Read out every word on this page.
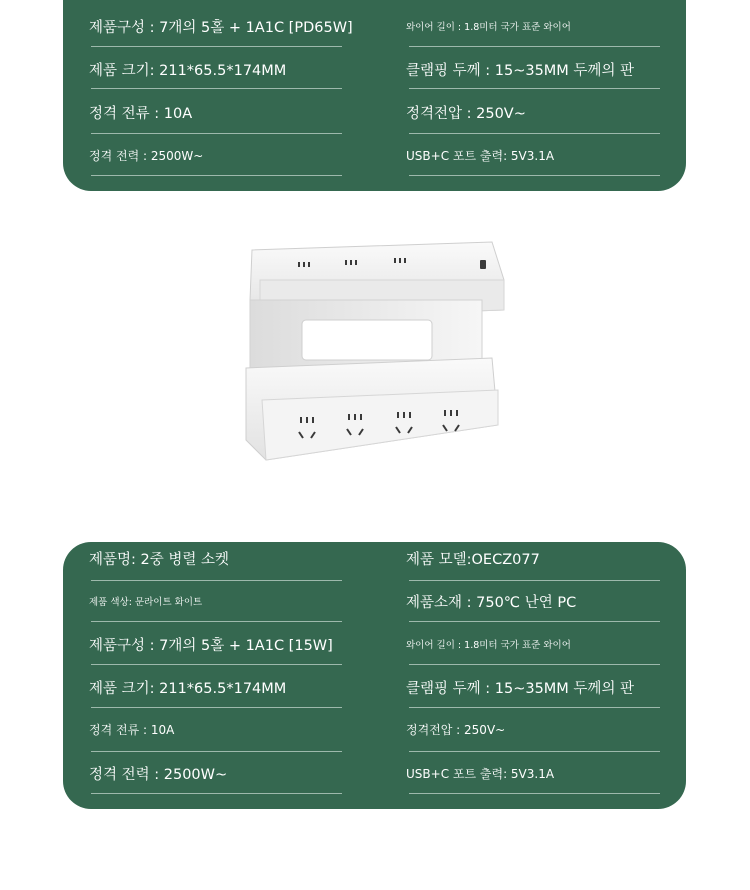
제품구성 : 7개의 5홀 + 1A1C [PD65W]
제품 크기: 211*65.5*174MM
정격 전류 : 10A
정격 전력 : 2500W~
와이어 길이 : 1.8미터 국가 표준 와이어
클램핑 두께 : 15~35MM 두께의 판
정격전압 : 250V~
USB+C 포트 출력: 5V3.1A
제품명: 2중 병렬 소켓
제품 색상: 문라이트 화이트
제품구성 : 7개의 5홀 + 1A1C [15W]
제품 크기: 211*65.5*174MM
정격 전류 : 10A
정격 전력 : 2500W~
제품 모델:OECZ077
제품소재 : 750℃ 난연 PC
와이어 길이 : 1.8미터 국가 표준 와이어
클램핑 두께 : 15~35MM 두께의 판
정격전압 : 250V~
USB+C 포트 출력: 5V3.1A
